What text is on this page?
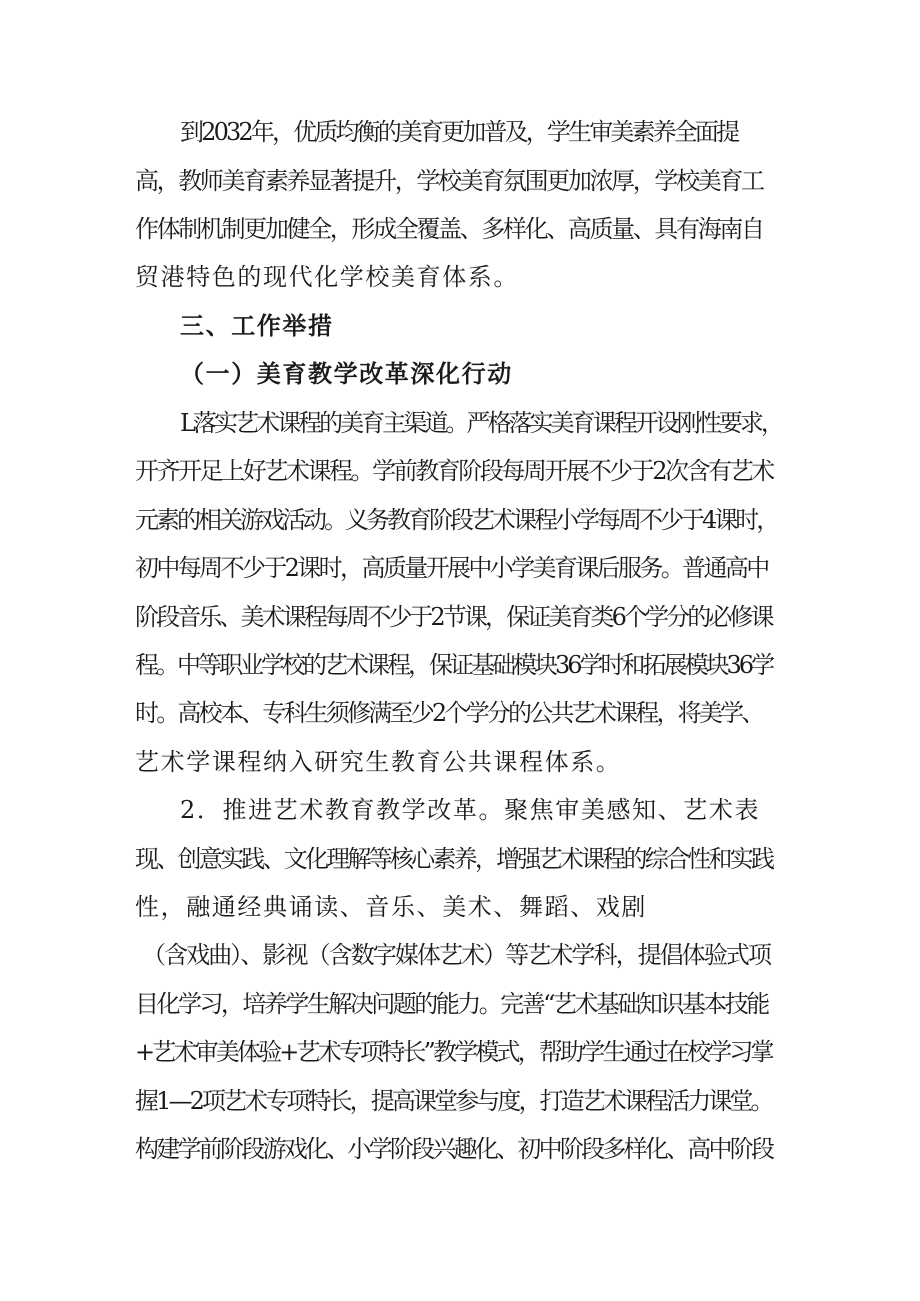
到2032年，优质均衡的美育更加普及，学生审美素养全面提
高，教师美育素养显著提升，学校美育氛围更加浓厚，学校美育工
作体制机制更加健全，形成全覆盖、多样化、高质量、具有海南自
贸港特色的现代化学校美育体系。
三、工作举措
（一）美育教学改革深化行动
L落实艺术课程的美育主渠道。严格落实美育课程开设刚性要求，
开齐开足上好艺术课程。学前教育阶段每周开展不少于2次含有艺术
元素的相关游戏活动。义务教育阶段艺术课程小学每周不少于4课时，
初中每周不少于2课时，高质量开展中小学美育课后服务。普通高中
阶段音乐、美术课程每周不少于2节课，保证美育类6个学分的必修课
程。中等职业学校的艺术课程，保证基础模块36学时和拓展模块36学
时。高校本、专科生须修满至少2个学分的公共艺术课程，将美学、
艺术学课程纳入研究生教育公共课程体系。
2．推进艺术教育教学改革。聚焦审美感知、艺术表
现、创意实践、文化理解等核心素养，增强艺术课程的综合性和实践
性，融通经典诵读、音乐、美术、舞蹈、戏剧
（含戏曲）、影视（含数字媒体艺术）等艺术学科，提倡体验式项
目化学习，培养学生解决问题的能力。完善“艺术基础知识基本技能
+艺术审美体验+艺术专项特长”教学模式，帮助学生通过在校学习掌
握1—2项艺术专项特长，提高课堂参与度，打造艺术课程活力课堂。
构建学前阶段游戏化、小学阶段兴趣化、初中阶段多样化、高中阶段
